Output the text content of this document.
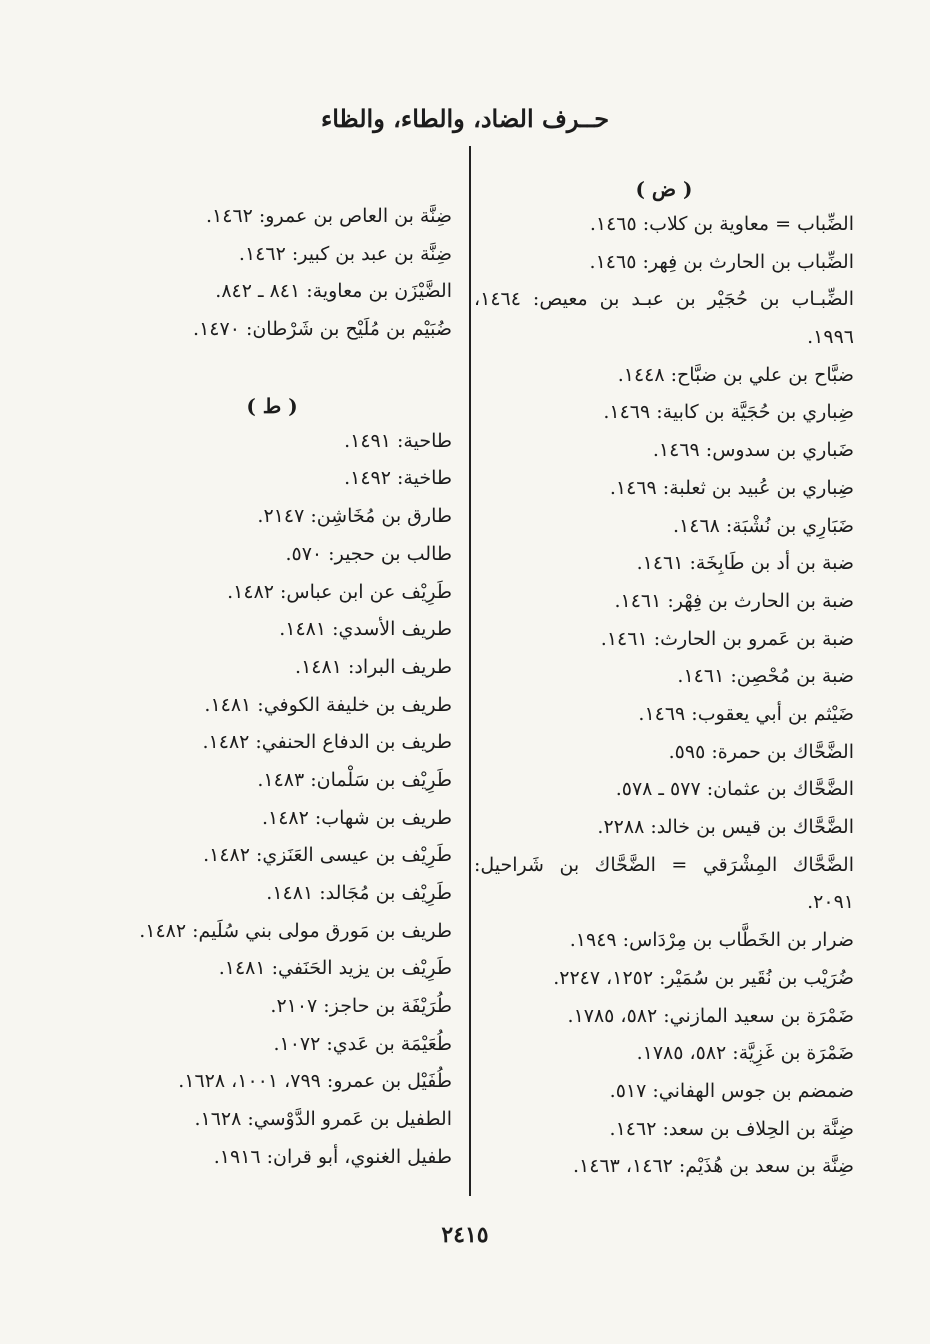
حــرف الضاد، والطاء، والظاء
( ض )
الضِّباب = معاوية بن كلاب: ١٤٦٥.
الضِّباب بن الحارث بن فِهر: ١٤٦٥.
الضِّبـاب بن حُجَيْر بن عبـد بن معيص: ١٤٦٤، ١٩٩٦.
ضبَّاح بن علي بن ضبَّاح: ١٤٤٨.
ضِباري بن حُجَيَّة بن كابية: ١٤٦٩.
ضَباري بن سدوس: ١٤٦٩.
ضِباري بن عُبيد بن ثعلبة: ١٤٦٩.
ضَبَارِي بن نُشْبَة: ١٤٦٨.
ضبة بن أد بن طَابِخَة: ١٤٦١.
ضبة بن الحارث بن فِهْر: ١٤٦١.
ضبة بن عَمرو بن الحارث: ١٤٦١.
ضبة بن مُحْصِن: ١٤٦١.
ضَيْثم بن أبي يعقوب: ١٤٦٩.
الضَّحَّاك بن حمرة: ٥٩٥.
الضَّحَّاك بن عثمان: ٥٧٧ ـ ٥٧٨.
الضَّحَّاك بن قيس بن خالد: ٢٢٨٨.
الضَّحَّاك المِشْرَقي = الضَّحَّاك بن شَراحيل: ٢٠٩١.
ضرار بن الخَطَّاب بن مِرْدَاس: ١٩٤٩.
ضُرَيْب بن نُقَير بن سُمَيْر: ١٢٥٢، ٢٢٤٧.
ضَمْرَة بن سعيد المازني: ٥٨٢، ١٧٨٥.
ضَمْرَة بن غَزِيَّة: ٥٨٢، ١٧٨٥.
ضمضم بن جوس الهفاني: ٥١٧.
ضِنَّة بن الحِلاف بن سعد: ١٤٦٢.
ضِنَّة بن سعد بن هُذَيْم: ١٤٦٢، ١٤٦٣.
ضِنَّة بن العاص بن عمرو: ١٤٦٢.
ضِنَّة بن عبد بن كبير: ١٤٦٢.
الضَّيْزَن بن معاوية: ٨٤١ ـ ٨٤٢.
ضُبَيْم بن مُلَيْح بن شَرْطان: ١٤٧٠.
( ط )
طاحية: ١٤٩١.
طاخية: ١٤٩٢.
طارق بن مُخَاشِن: ٢١٤٧.
طالب بن حجير: ٥٧٠.
طَرِيْف عن ابن عباس: ١٤٨٢.
طريف الأسدي: ١٤٨١.
طريف البراد: ١٤٨١.
طريف بن خليفة الكوفي: ١٤٨١.
طريف بن الدفاع الحنفي: ١٤٨٢.
طَرِيْف بن سَلْمان: ١٤٨٣.
طريف بن شهاب: ١٤٨٢.
طَرِيْف بن عيسى العَنَزي: ١٤٨٢.
طَرِيْف بن مُجَالد: ١٤٨١.
طريف بن مَورق مولى بني سُلَيم: ١٤٨٢.
طَرِيْف بن يزيد الحَنَفي: ١٤٨١.
طُرَيْفَة بن حاجز: ٢١٠٧.
طُعَيْمَة بن عَدي: ١٠٧٢.
طُفَيْل بن عمرو: ٧٩٩، ١٠٠١، ١٦٢٨.
الطفيل بن عَمرو الدَّوْسي: ١٦٢٨.
طفيل الغنوي، أبو قران: ١٩١٦.
٢٤١٥
